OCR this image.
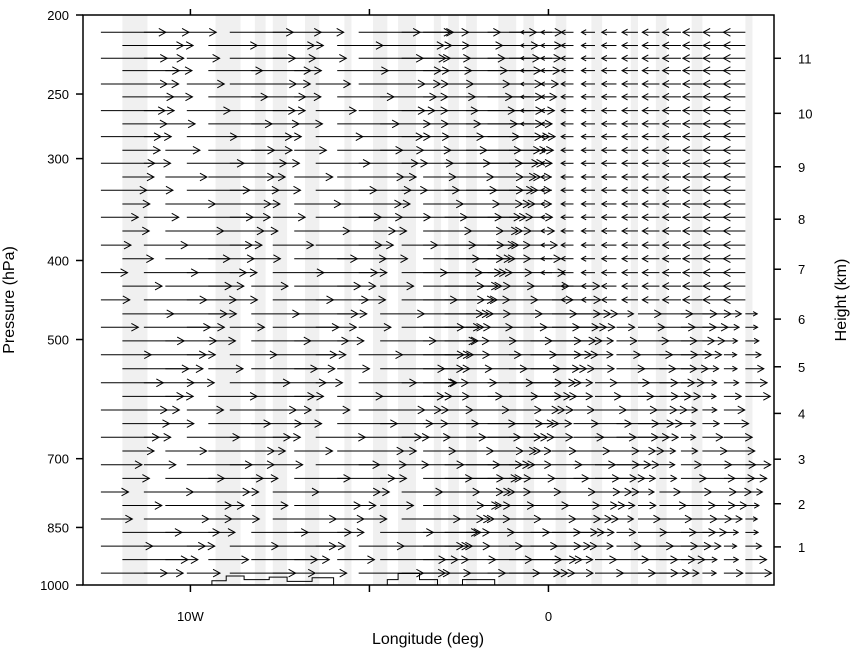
10W	0
200
250
300
400
500
700
850
1000
1
2
3
4
5
6
7
8
9
10
11
Longitude (deg)
Pressure (hPa)	Height (km)
